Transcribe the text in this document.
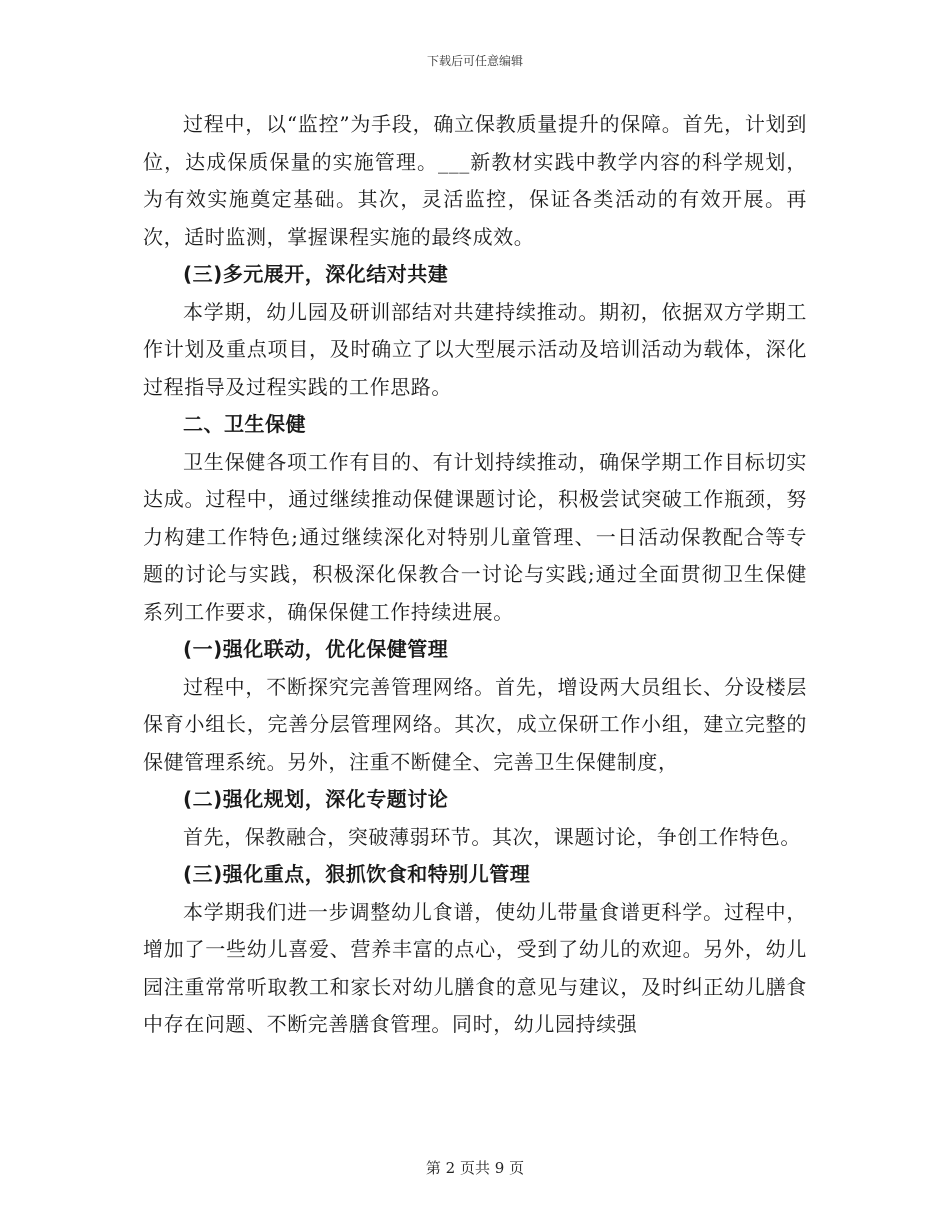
下载后可任意编辑

过程中，以“监控”为手段，确立保教质量提升的保障。首先，计划到位，达成保质保量的实施管理。___新教材实践中教学内容的科学规划，为有效实施奠定基础。其次，灵活监控，保证各类活动的有效开展。再次，适时监测，掌握课程实施的最终成效。

(三)多元展开，深化结对共建

本学期，幼儿园及研训部结对共建持续推动。期初，依据双方学期工作计划及重点项目，及时确立了以大型展示活动及培训活动为载体，深化过程指导及过程实践的工作思路。

二、卫生保健

卫生保健各项工作有目的、有计划持续推动，确保学期工作目标切实达成。过程中，通过继续推动保健课题讨论，积极尝试突破工作瓶颈，努力构建工作特色;通过继续深化对特别儿童管理、一日活动保教配合等专题的讨论与实践，积极深化保教合一讨论与实践;通过全面贯彻卫生保健系列工作要求，确保保健工作持续进展。

(一)强化联动，优化保健管理

过程中，不断探究完善管理网络。首先，增设两大员组长、分设楼层保育小组长，完善分层管理网络。其次，成立保研工作小组，建立完整的保健管理系统。另外，注重不断健全、完善卫生保健制度，

(二)强化规划，深化专题讨论

首先，保教融合，突破薄弱环节。其次，课题讨论，争创工作特色。

(三)强化重点，狠抓饮食和特别儿管理

本学期我们进一步调整幼儿食谱，使幼儿带量食谱更科学。过程中，增加了一些幼儿喜爱、营养丰富的点心，受到了幼儿的欢迎。另外，幼儿园注重常常听取教工和家长对幼儿膳食的意见与建议，及时纠正幼儿膳食中存在问题、不断完善膳食管理。同时，幼儿园持续强

第 2 页共 9 页
